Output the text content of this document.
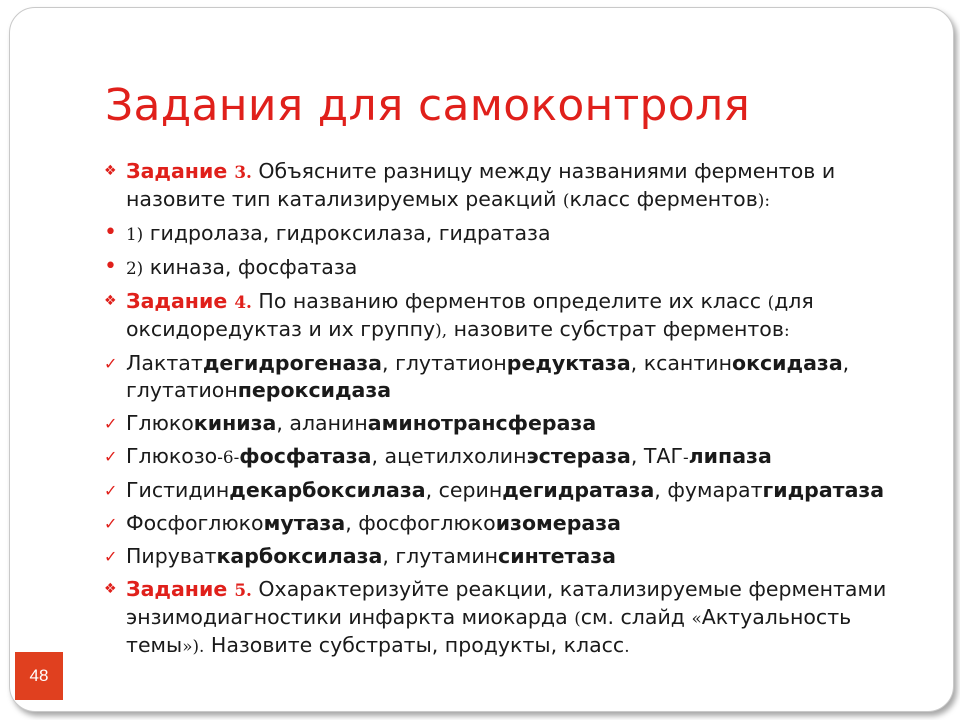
Задания для самоконтроля
❖ Задание 3. Объясните разницу между названиями ферментов и назовите тип катализируемых реакций (класс ферментов):
• 1) гидролаза, гидроксилаза, гидратаза
• 2) киназа, фосфатаза
❖ Задание 4. По названию ферментов определите их класс (для оксидоредуктаз и их группу), назовите субстрат ферментов:
✓ Лактатдегидрогеназа, глутатионредуктаза, ксантиноксидаза, глутатионпероксидаза
✓ Глюкокиниза, аланинаминотрансфераза
✓ Глюкозо-6-фосфатаза, ацетилхолинэстераза, ТАГ-липаза
✓ Гистидиндекарбоксилаза, сериндегидратаза, фумаратгидратаза
✓ Фосфоглюкомутаза, фосфоглюкоизомераза
✓ Пируваткарбоксилаза, глутаминсинтетаза
❖ Задание 5. Охарактеризуйте реакции, катализируемые ферментами энзимодиагностики инфаркта миокарда (см. слайд «Актуальность темы»). Назовите субстраты, продукты, класс.
48
